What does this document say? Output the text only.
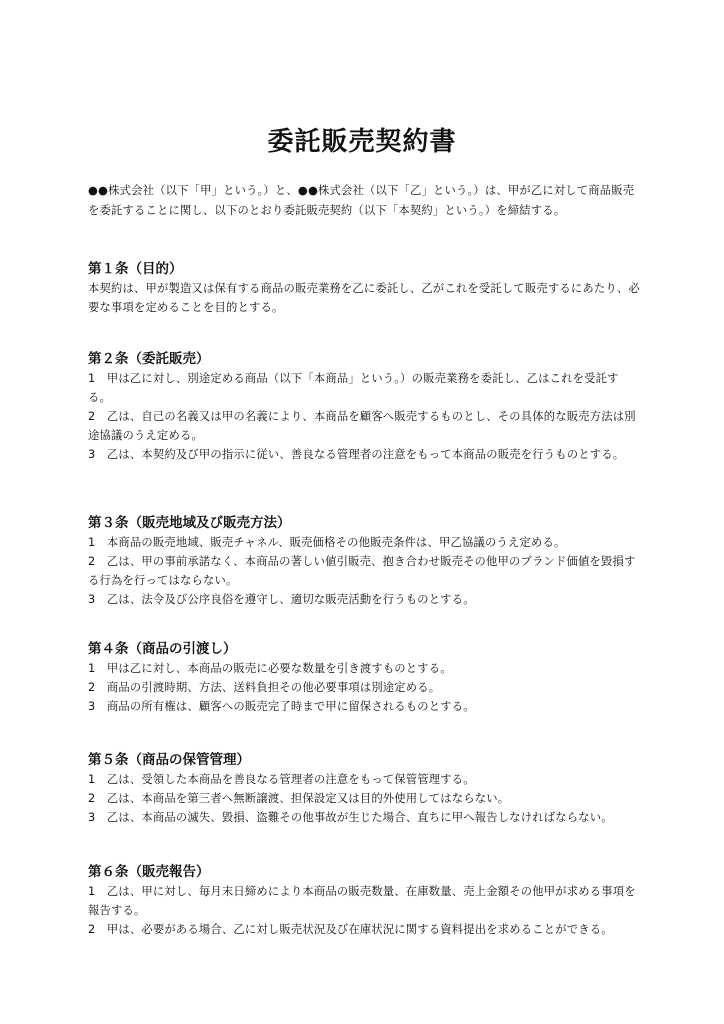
委託販売契約書

●●株式会社（以下「甲」という。）と、●●株式会社（以下「乙」という。）は、甲が乙に対して商品販売を委託することに関し、以下のとおり委託販売契約（以下「本契約」という。）を締結する。

第１条（目的）

本契約は、甲が製造又は保有する商品の販売業務を乙に委託し、乙がこれを受託して販売するにあたり、必要な事項を定めることを目的とする。

第２条（委託販売）

1　甲は乙に対し、別途定める商品（以下「本商品」という。）の販売業務を委託し、乙はこれを受託する。

2　乙は、自己の名義又は甲の名義により、本商品を顧客へ販売するものとし、その具体的な販売方法は別途協議のうえ定める。

3　乙は、本契約及び甲の指示に従い、善良なる管理者の注意をもって本商品の販売を行うものとする。

第３条（販売地域及び販売方法）

1　本商品の販売地域、販売チャネル、販売価格その他販売条件は、甲乙協議のうえ定める。

2　乙は、甲の事前承諾なく、本商品の著しい値引販売、抱き合わせ販売その他甲のブランド価値を毀損する行為を行ってはならない。

3　乙は、法令及び公序良俗を遵守し、適切な販売活動を行うものとする。

第４条（商品の引渡し）

1　甲は乙に対し、本商品の販売に必要な数量を引き渡すものとする。

2　商品の引渡時期、方法、送料負担その他必要事項は別途定める。

3　商品の所有権は、顧客への販売完了時まで甲に留保されるものとする。

第５条（商品の保管管理）

1　乙は、受領した本商品を善良なる管理者の注意をもって保管管理する。

2　乙は、本商品を第三者へ無断譲渡、担保設定又は目的外使用してはならない。

3　乙は、本商品の滅失、毀損、盗難その他事故が生じた場合、直ちに甲へ報告しなければならない。

第６条（販売報告）

1　乙は、甲に対し、毎月末日締めにより本商品の販売数量、在庫数量、売上金額その他甲が求める事項を報告する。

2　甲は、必要がある場合、乙に対し販売状況及び在庫状況に関する資料提出を求めることができる。
